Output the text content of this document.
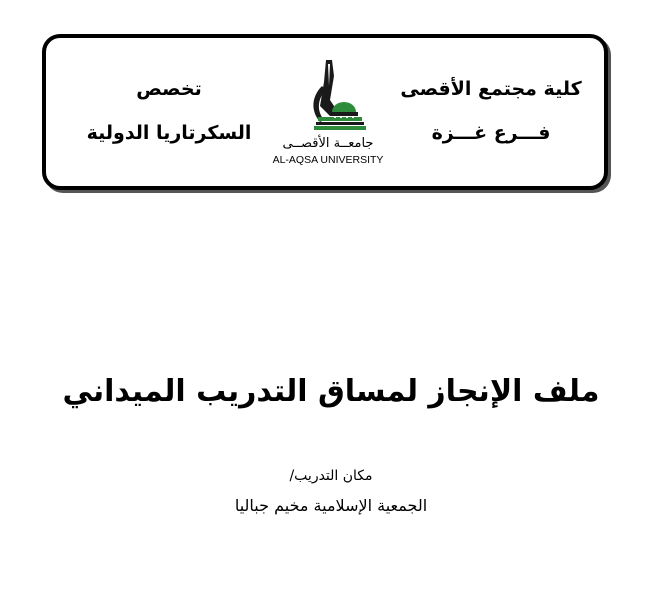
كلية مجتمع الأقصى
فـــرع غـــزة
تخصص
السكرتاريا الدولية	جامعــة الأقصــى
AL-AQSA UNIVERSITY
ملف الإنجاز لمساق التدريب الميداني
مكان التدريب/
الجمعية الإسلامية مخيم جباليا
